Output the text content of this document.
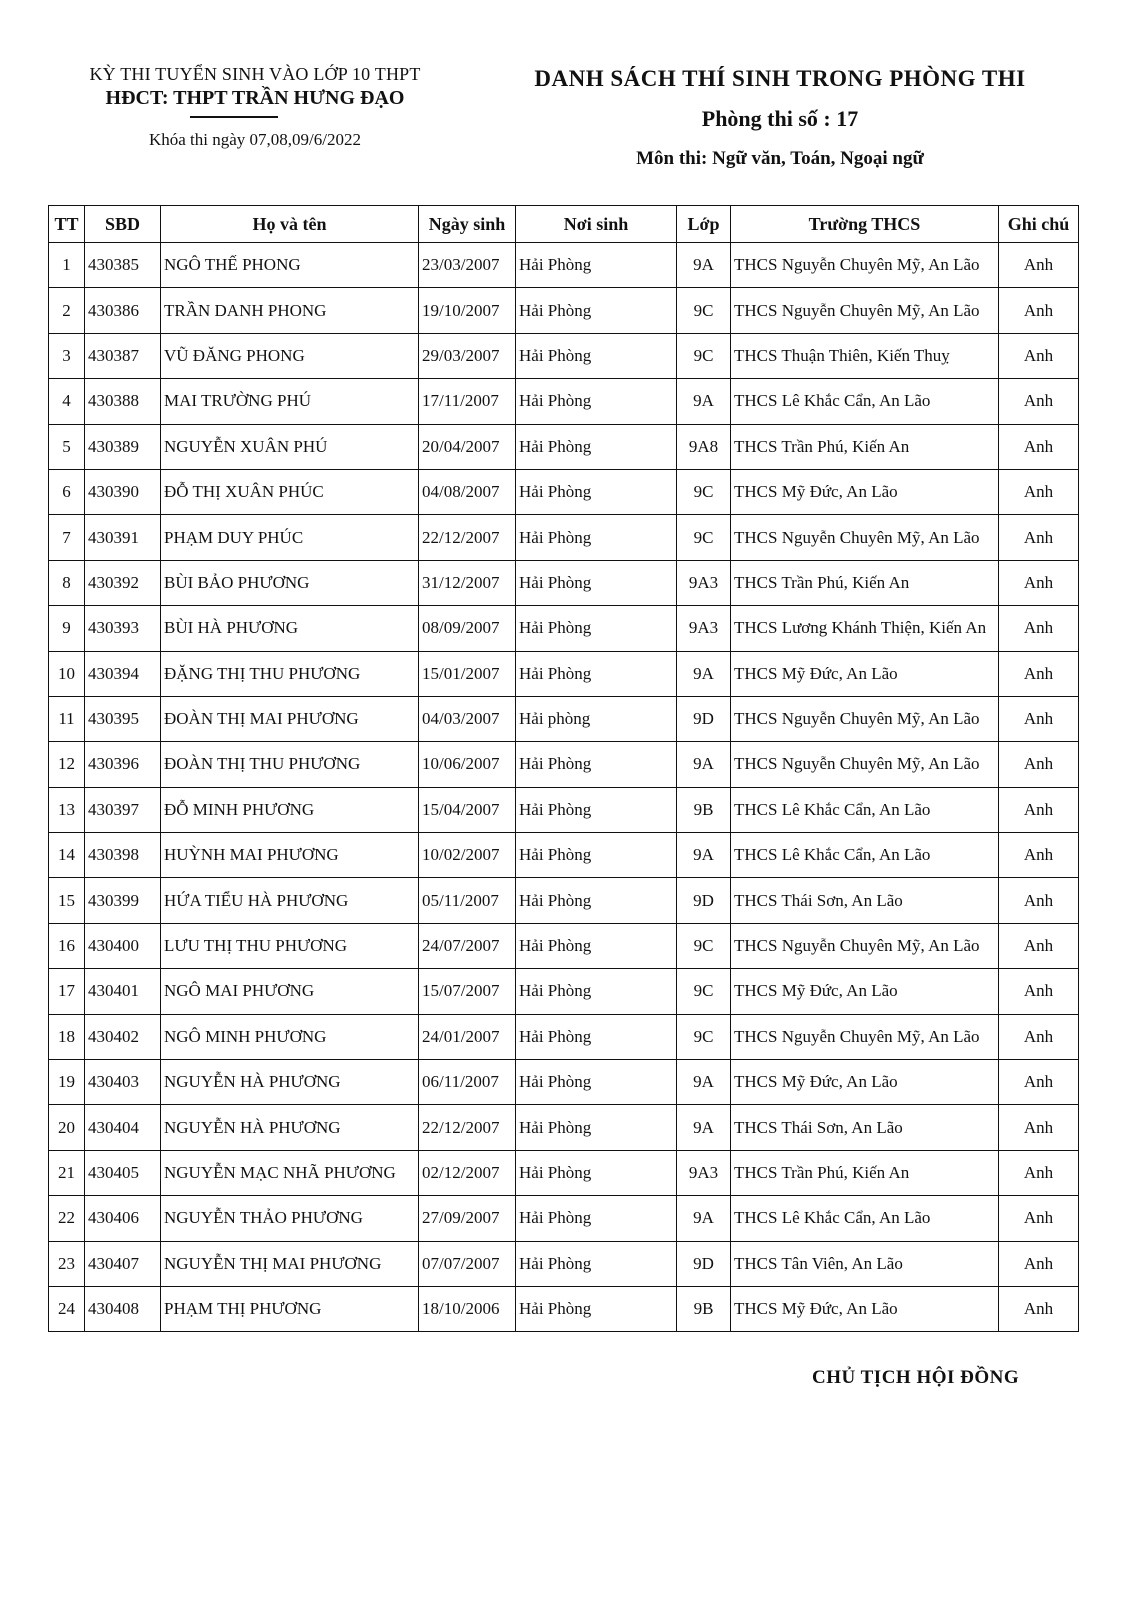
KỲ THI TUYỂN SINH VÀO LỚP 10 THPT
HĐCT: THPT TRẦN HƯNG ĐẠO
Khóa thi ngày 07,08,09/6/2022
DANH SÁCH THÍ SINH TRONG PHÒNG THI
Phòng thi số : 17
Môn thi: Ngữ văn, Toán, Ngoại ngữ
TT	SBD	Họ và tên	Ngày sinh	Nơi sinh	Lớp	Trường THCS	Ghi chú
1	430385	NGÔ THẾ PHONG	23/03/2007	Hải Phòng	9A	THCS Nguyễn Chuyên Mỹ, An Lão	Anh
2	430386	TRẦN DANH PHONG	19/10/2007	Hải Phòng	9C	THCS Nguyễn Chuyên Mỹ, An Lão	Anh
3	430387	VŨ ĐĂNG PHONG	29/03/2007	Hải Phòng	9C	THCS Thuận Thiên, Kiến Thuỵ	Anh
4	430388	MAI TRƯỜNG PHÚ	17/11/2007	Hải Phòng	9A	THCS Lê Khắc Cẩn, An Lão	Anh
5	430389	NGUYỄN XUÂN PHÚ	20/04/2007	Hải Phòng	9A8	THCS Trần Phú, Kiến An	Anh
6	430390	ĐỖ THỊ XUÂN PHÚC	04/08/2007	Hải Phòng	9C	THCS Mỹ Đức, An Lão	Anh
7	430391	PHẠM DUY PHÚC	22/12/2007	Hải Phòng	9C	THCS Nguyễn Chuyên Mỹ, An Lão	Anh
8	430392	BÙI BẢO PHƯƠNG	31/12/2007	Hải Phòng	9A3	THCS Trần Phú, Kiến An	Anh
9	430393	BÙI HÀ PHƯƠNG	08/09/2007	Hải Phòng	9A3	THCS Lương Khánh Thiện, Kiến An	Anh
10	430394	ĐẶNG THỊ THU PHƯƠNG	15/01/2007	Hải Phòng	9A	THCS Mỹ Đức, An Lão	Anh
11	430395	ĐOÀN THỊ MAI PHƯƠNG	04/03/2007	Hải phòng	9D	THCS Nguyễn Chuyên Mỹ, An Lão	Anh
12	430396	ĐOÀN THỊ THU PHƯƠNG	10/06/2007	Hải Phòng	9A	THCS Nguyễn Chuyên Mỹ, An Lão	Anh
13	430397	ĐỖ MINH PHƯƠNG	15/04/2007	Hải Phòng	9B	THCS Lê Khắc Cẩn, An Lão	Anh
14	430398	HUỲNH MAI PHƯƠNG	10/02/2007	Hải Phòng	9A	THCS Lê Khắc Cẩn, An Lão	Anh
15	430399	HỨA TIỂU HÀ PHƯƠNG	05/11/2007	Hải Phòng	9D	THCS Thái Sơn, An Lão	Anh
16	430400	LƯU THỊ THU PHƯƠNG	24/07/2007	Hải Phòng	9C	THCS Nguyễn Chuyên Mỹ, An Lão	Anh
17	430401	NGÔ MAI PHƯƠNG	15/07/2007	Hải Phòng	9C	THCS Mỹ Đức, An Lão	Anh
18	430402	NGÔ MINH PHƯƠNG	24/01/2007	Hải Phòng	9C	THCS Nguyễn Chuyên Mỹ, An Lão	Anh
19	430403	NGUYỄN HÀ PHƯƠNG	06/11/2007	Hải Phòng	9A	THCS Mỹ Đức, An Lão	Anh
20	430404	NGUYỄN HÀ PHƯƠNG	22/12/2007	Hải Phòng	9A	THCS Thái Sơn, An Lão	Anh
21	430405	NGUYỄN MẠC NHÃ PHƯƠNG	02/12/2007	Hải Phòng	9A3	THCS Trần Phú, Kiến An	Anh
22	430406	NGUYỄN THẢO PHƯƠNG	27/09/2007	Hải Phòng	9A	THCS Lê Khắc Cẩn, An Lão	Anh
23	430407	NGUYỄN THỊ MAI PHƯƠNG	07/07/2007	Hải Phòng	9D	THCS Tân Viên, An Lão	Anh
24	430408	PHẠM THỊ PHƯƠNG	18/10/2006	Hải Phòng	9B	THCS Mỹ Đức, An Lão	Anh
CHỦ TỊCH HỘI ĐỒNG
